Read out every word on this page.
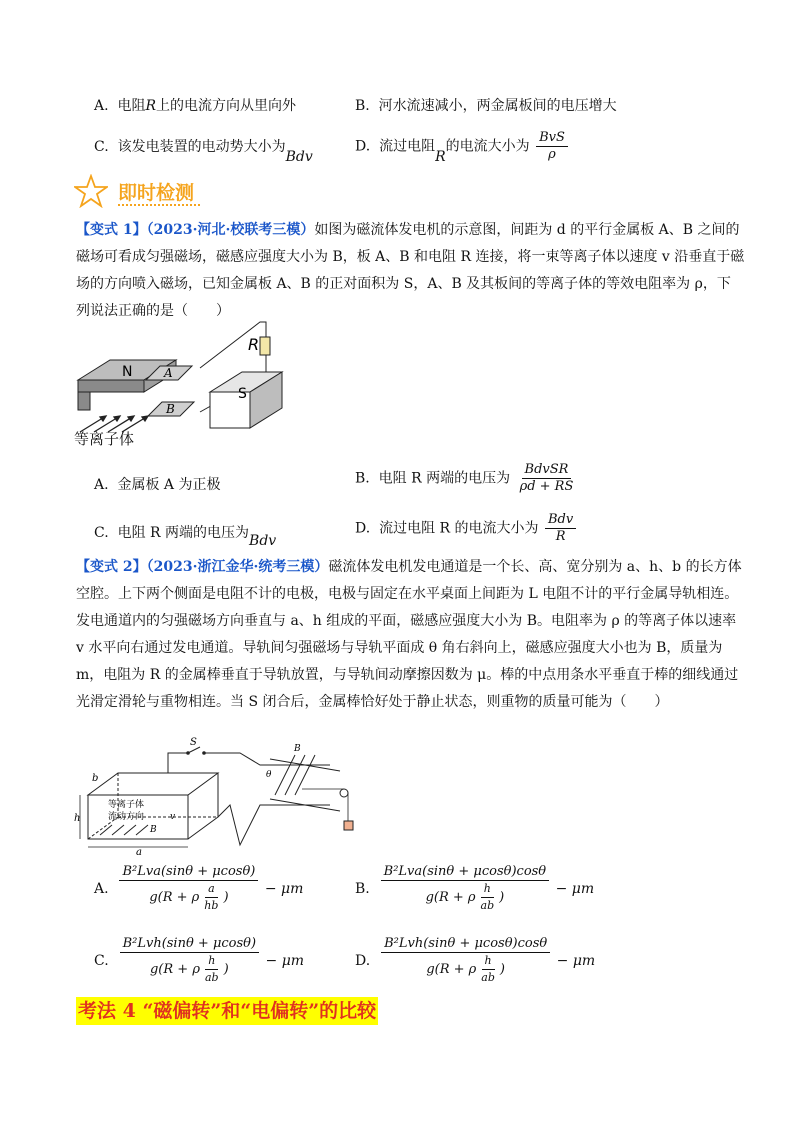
A. 电阻R上的电流方向从里向外	B. 河水流速减小，两金属板间的电压增大
C. 该发电装置的电动势大小为Bdv
D. 流过电阻R的电流大小为 $\frac{\text{BvS}}{\rho}$
即时检测
【变式 1】（2023·河北·校联考三模）如图为磁流体发电机的示意图，间距为 d 的平行金属板 A、B 之间的
磁场可看成匀强磁场，磁感应强度大小为 B，板 A、B 和电阻 R 连接，将一束等离子体以速度 v 沿垂直于磁
场的方向喷入磁场，已知金属板 A、B 的正对面积为 S，A、B 及其板间的等离子体的等效电阻率为 ρ，下
列说法正确的是（　　）
R
N	A
B
S
等离子体
A. 金属板 A 为正极	B. 电阻 R 两端的电压为 $\frac{\text{BdvSR}}{\rho d + RS}$
C. 电阻 R 两端的电压为Bdv
D. 流过电阻 R 的电流大小为 $\frac{\text{Bdv}}{R}$
【变式 2】（2023·浙江金华·统考三模）磁流体发电机发电通道是一个长、高、宽分别为 a、h、b 的长方体
空腔。上下两个侧面是电阻不计的电极，电极与固定在水平桌面上间距为 L 电阻不计的平行金属导轨相连。
发电通道内的匀强磁场方向垂直与 a、h 组成的平面，磁感应强度大小为 B。电阻率为 ρ 的等离子体以速率
v 水平向右通过发电通道。导轨间匀强磁场与导轨平面成 θ 角右斜向上，磁感应强度大小也为 B，质量为
m，电阻为 R 的金属棒垂直于导轨放置，与导轨间动摩擦因数为 μ。棒的中点用条水平垂直于棒的细线通过
光滑定滑轮与重物相连。当 S 闭合后，金属棒恰好处于静止状态，则重物的质量可能为（　　）
b
h
a
等离子体
流动方向	v
B
S
B
θ
A. $\frac{\text{B²Lva(sinθ + μcosθ)}}{g(R + \rho \frac{a}{hb} )} - \mu m$	B. $\frac{\text{B²Lva(sinθ + μcosθ)cosθ}}{g(R + \rho \frac{h}{ab} )} - \mu m$
C. $\frac{\text{B²Lvh(sinθ + μcosθ)}}{g(R + \rho \frac{h}{ab} )} - \mu m$	D. $\frac{\text{B²Lvh(sinθ + μcosθ)cosθ}}{g(R + \rho \frac{h}{ab} )} - \mu m$
考法 4 “磁偏转”和“电偏转”的比较
